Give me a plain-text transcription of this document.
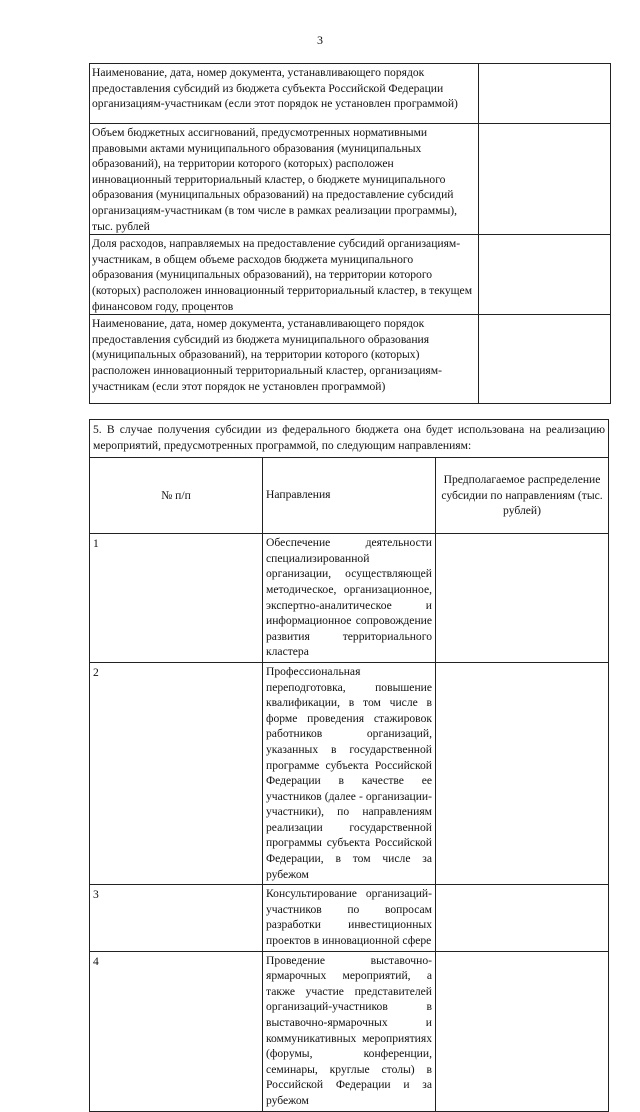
3
Наименование, дата, номер документа, устанавливающего порядок предоставления субсидий из бюджета субъекта Российской Федерации организациям-участникам (если этот порядок не установлен программой)	
Объем бюджетных ассигнований, предусмотренных нормативными правовыми актами муниципального образования (муниципальных образований), на территории которого (которых) расположен инновационный территориальный кластер, о бюджете муниципального образования (муниципальных образований) на предоставление субсидий организациям-участникам (в том числе в рамках реализации программы), тыс. рублей	
Доля расходов, направляемых на предоставление субсидий организациям-участникам, в общем объеме расходов бюджета муниципального образования (муниципальных образований), на территории которого (которых) расположен инновационный территориальный кластер, в текущем финансовом году, процентов	
Наименование, дата, номер документа, устанавливающего порядок предоставления субсидий из бюджета муниципального образования (муниципальных образований), на территории которого (которых) расположен инновационный территориальный кластер, организациям-участникам (если этот порядок не установлен программой)	
5. В случае получения субсидии из федерального бюджета она будет использована на реализацию мероприятий, предусмотренных программой, по следующим направлениям:		
№ п/п	Направления	Предполагаемое распределение субсидии по направлениям (тыс. рублей)
1	Обеспечение деятельности специализированной организации, осуществляющей методическое, организационное, экспертно-аналитическое и информационное сопровождение развития территориального кластера	
2	Профессиональная переподготовка, повышение квалификации, в том числе в форме проведения стажировок работников организаций, указанных в государственной программе субъекта Российской Федерации в качестве ее участников (далее - организации-участники), по направлениям реализации государственной программы субъекта Российской Федерации, в том числе за рубежом	
3	Консультирование организаций-участников по вопросам разработки инвестиционных проектов в инновационной сфере	
4	Проведение выставочно-ярмарочных мероприятий, а также участие представителей организаций-участников в выставочно-ярмарочных и коммуникативных мероприятиях (форумы, конференции, семинары, круглые столы) в Российской Федерации и за рубежом	
